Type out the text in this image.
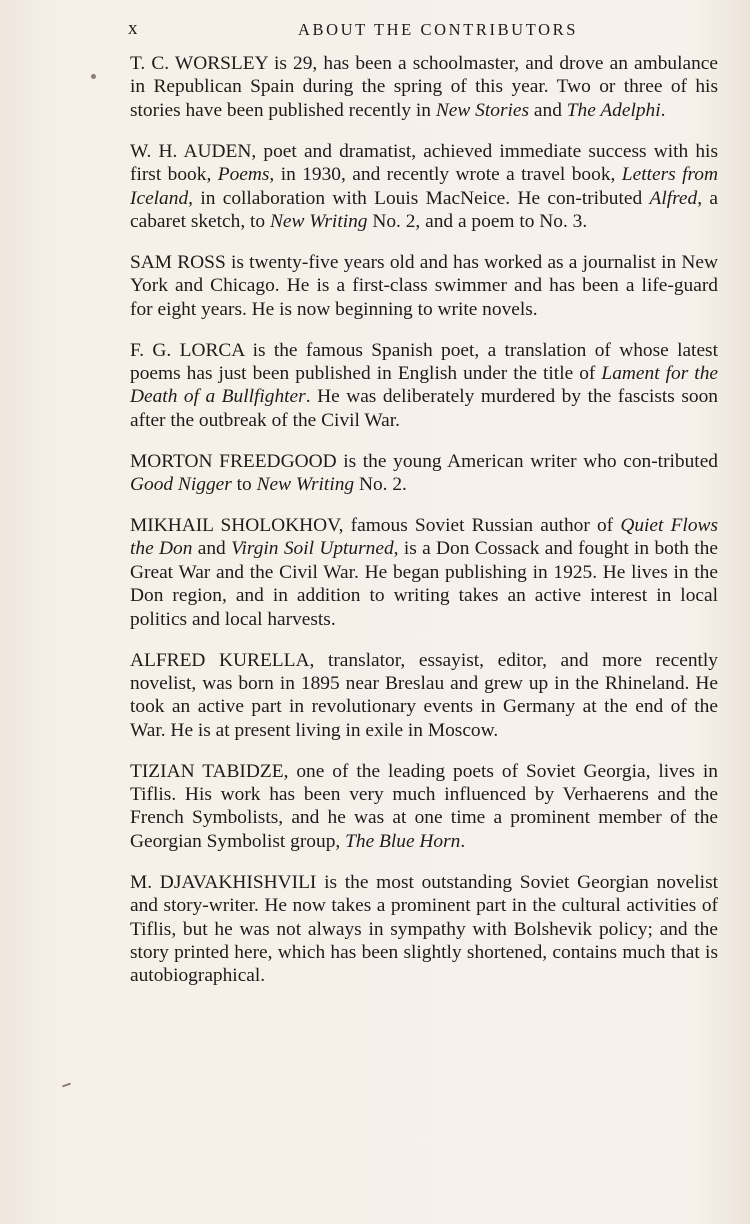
x	ABOUT THE CONTRIBUTORS

T. C. WORSLEY is 29, has been a schoolmaster, and drove an ambulance in Republican Spain during the spring of this year. Two or three of his stories have been published recently in New Stories and The Adelphi.

W. H. AUDEN, poet and dramatist, achieved immediate success with his first book, Poems, in 1930, and recently wrote a travel book, Letters from Iceland, in collaboration with Louis MacNeice. He con-tributed Alfred, a cabaret sketch, to New Writing No. 2, and a poem to No. 3.

SAM ROSS is twenty-five years old and has worked as a journalist in New York and Chicago. He is a first-class swimmer and has been a life-guard for eight years. He is now beginning to write novels.

F. G. LORCA is the famous Spanish poet, a translation of whose latest poems has just been published in English under the title of Lament for the Death of a Bullfighter. He was deliberately murdered by the fascists soon after the outbreak of the Civil War.

MORTON FREEDGOOD is the young American writer who con-tributed Good Nigger to New Writing No. 2.

MIKHAIL SHOLOKHOV, famous Soviet Russian author of Quiet Flows the Don and Virgin Soil Upturned, is a Don Cossack and fought in both the Great War and the Civil War. He began publishing in 1925. He lives in the Don region, and in addition to writing takes an active interest in local politics and local harvests.

ALFRED KURELLA, translator, essayist, editor, and more recently novelist, was born in 1895 near Breslau and grew up in the Rhineland. He took an active part in revolutionary events in Germany at the end of the War. He is at present living in exile in Moscow.

TIZIAN TABIDZE, one of the leading poets of Soviet Georgia, lives in Tiflis. His work has been very much influenced by Verhaerens and the French Symbolists, and he was at one time a prominent member of the Georgian Symbolist group, The Blue Horn.

M. DJAVAKHISHVILI is the most outstanding Soviet Georgian novelist and story-writer. He now takes a prominent part in the cultural activities of Tiflis, but he was not always in sympathy with Bolshevik policy; and the story printed here, which has been slightly shortened, contains much that is autobiographical.
